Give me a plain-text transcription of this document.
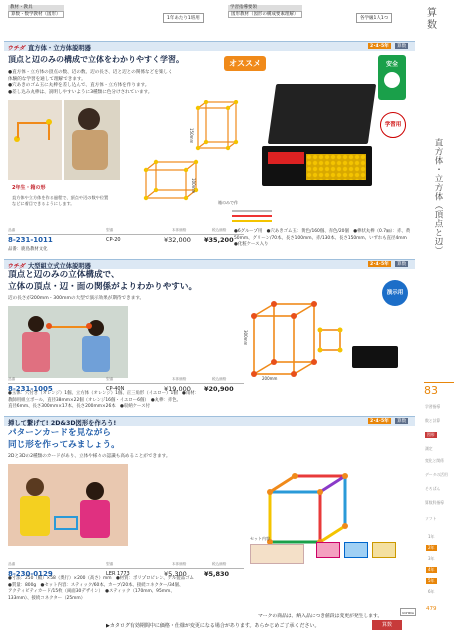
教材・教具
算数・数学教材（図形）
1年あたり1班用
学習指導要領
図形教材（図形の構成要素理解）
各学級1人1つ
ウチダ 直方体・立方体説明器	2･4･5年	算数
頂点と辺のみの構成で立体をわかりやすく学習。

●直方体・立方体の頂点の数、辺の数、辺の長さ、辺と辺との関係などを楽しく

体験的な学習を通して理解できます。

●穴あきのゴム玉に丸棒を差し込んで、直方体・立方体を作ります。

●差し込み丸棒は、説明しやすいように3種類に色分けされています。

オススメ	安全
学習用
2年生・箱の形

直方体や立方体を作る過程で、頂点や辺の数や位置

などに着目できるようにします。

150mm
100mm
箱のみで作
品番	型番	本体価格	税込価格
8-231-1011	CP-20	¥32,000 ¥35,200
品番：鹿島教材文化

●6グループ用　●穴あきゴム玉：黄色/160個、赤色/20個　●棒状丸棒（0.7㎜）：赤、黄

50mm、グリーン/70本、長さ100mm、赤/130本、長さ150mm、いずれも直径4mm

●化粧ケース入り

ウチダ 大型組立式立体説明器	2･4･5年	算数
頂点と辺のみの立体構成で、
立体の頂点・辺・面の関係がよりわかりやすい。
辺の長さが200mm・300mmの大型で演示効果が期待できます。
演示用
300mm
200mm
品番	型番	本体価格	税込価格
8-231-1005	CP-40N	¥19,000 ¥20,900

●玉体：穴付き（オレンジ）1個、立方体（オレンジ）1個、正三角形（イエロー）1個　●角材：

教師用組立ボール、直径38mm×22個（オレンジ16個・イエロー6個）　●丸棒：赤色、

直径6mm、長さ300mm×17本、長さ200mm×26本　●収納ケース付

挿して繋げて! 2D&3D図形を作ろう!	2･4･5年	算数
パターンカードを見ながら
同じ形を作ってみましょう。
2Dと3Dの2種類のカードがあり、立体や様々の認識も高めることができます。
セット内容
品番	型番	本体価格	税込価格
8-230-0129	LER 1773	¥5,300	¥5,830

●寸法：250（幅）×58（奥行）×200（高さ）mm　●材質：ポリプロピレン、ゲル製品ゴム

●質量：800g　●セット内容：スティック/60本、カーブ/20本、接続コネクター/34個、

アクティビティカード/15枚（両面30デザイン）　●スティック（170mm、95mm、

133mm）、接続コネクター（25mm）

マークの商品は、納入品につき値段は変更が発生します。
UCHIDA
▶カタログ有効期間中に価格・仕様が変更になる場合があります。あらかじめご了承ください。	算数
算数
直方体・立方体（頂点と辺）
83
学習指導
数と計算
図形
測定
変化と関係
データの活用
そろばん
算数科指導
ソフト
1年
2年
3年
4年
5年
6年
479
